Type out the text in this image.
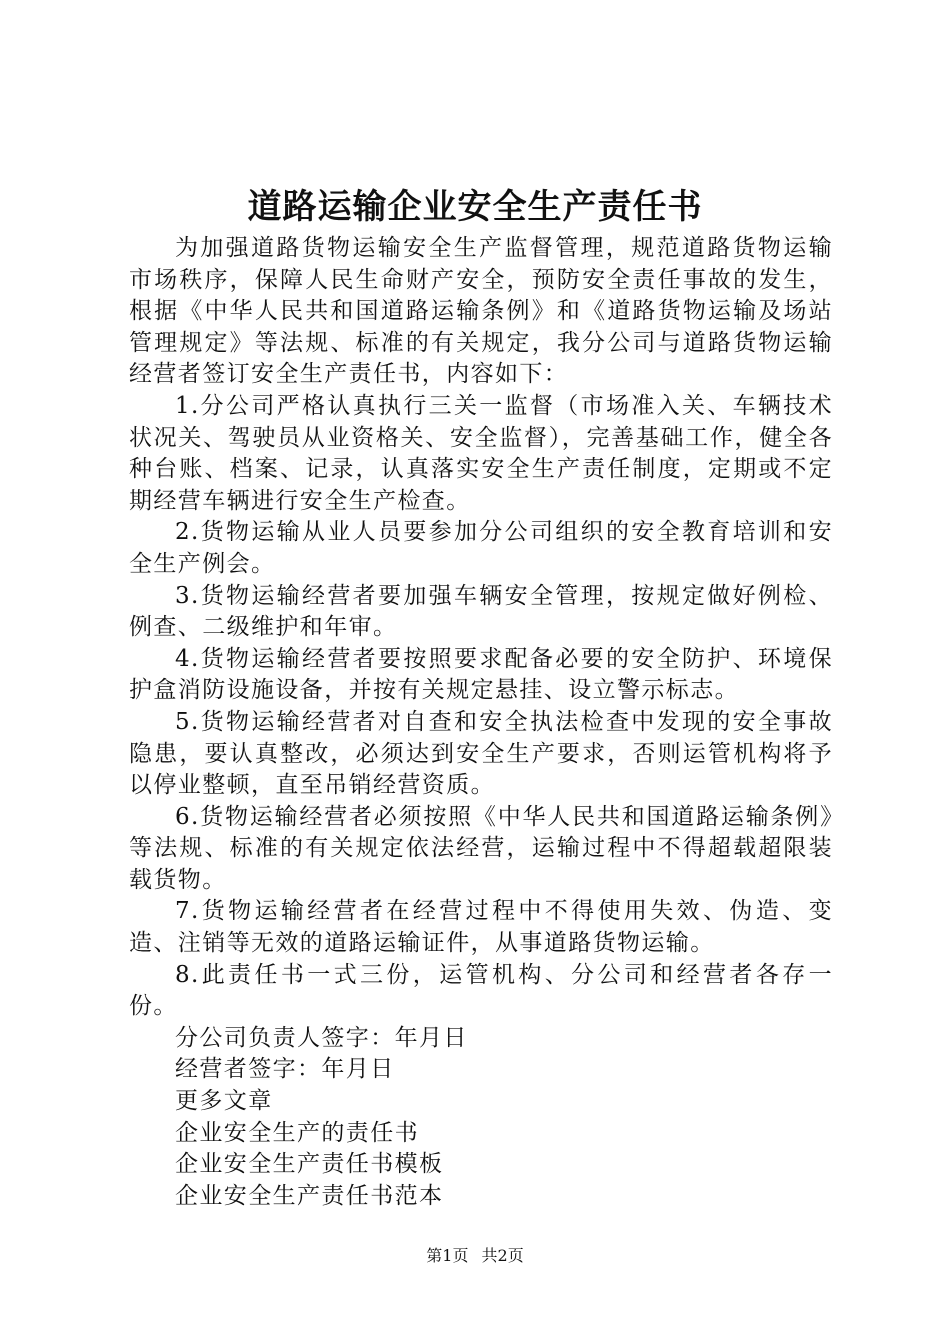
道路运输企业安全生产责任书

为加强道路货物运输安全生产监督管理，规范道路货物运输市场秩序，保障人民生命财产安全，预防安全责任事故的发生，根据《中华人民共和国道路运输条例》和《道路货物运输及场站管理规定》等法规、标准的有关规定，我分公司与道路货物运输经营者签订安全生产责任书，内容如下：

1.分公司严格认真执行三关一监督（市场准入关、车辆技术状况关、驾驶员从业资格关、安全监督），完善基础工作，健全各种台账、档案、记录，认真落实安全生产责任制度，定期或不定期经营车辆进行安全生产检查。

2.货物运输从业人员要参加分公司组织的安全教育培训和安全生产例会。

3.货物运输经营者要加强车辆安全管理，按规定做好例检、例查、二级维护和年审。

4.货物运输经营者要按照要求配备必要的安全防护、环境保护盒消防设施设备，并按有关规定悬挂、设立警示标志。

5.货物运输经营者对自查和安全执法检查中发现的安全事故隐患，要认真整改，必须达到安全生产要求，否则运管机构将予以停业整顿，直至吊销经营资质。

6.货物运输经营者必须按照《中华人民共和国道路运输条例》等法规、标准的有关规定依法经营，运输过程中不得超载超限装载货物。

7.货物运输经营者在经营过程中不得使用失效、伪造、变造、注销等无效的道路运输证件，从事道路货物运输。

8.此责任书一式三份，运管机构、分公司和经营者各存一份。

分公司负责人签字：年月日

经营者签字：年月日

更多文章

企业安全生产的责任书

企业安全生产责任书模板

企业安全生产责任书范本

第1页 共2页
